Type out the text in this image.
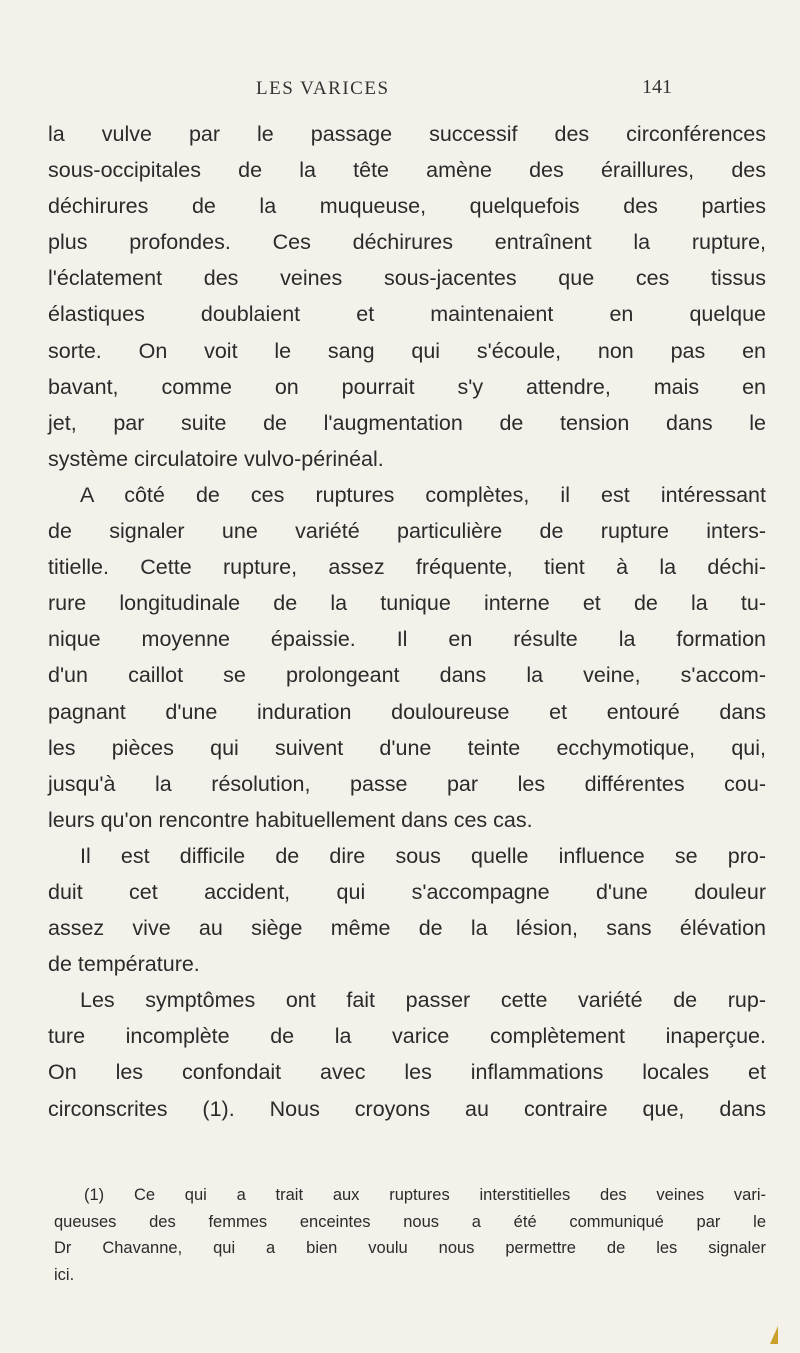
LES VARICES	141
la vulve par le passage successif des circonférences
sous-occipitales de la tête amène des éraillures, des
déchirures de la muqueuse, quelquefois des parties
plus profondes. Ces déchirures entraînent la rupture,
l'éclatement des veines sous-jacentes que ces tissus
élastiques doublaient et maintenaient en quelque
sorte. On voit le sang qui s'écoule, non pas en
bavant, comme on pourrait s'y attendre, mais en
jet, par suite de l'augmentation de tension dans le
système circulatoire vulvo-périnéal.
A côté de ces ruptures complètes, il est intéressant
de signaler une variété particulière de rupture inters-
titielle. Cette rupture, assez fréquente, tient à la déchi-
rure longitudinale de la tunique interne et de la tu-
nique moyenne épaissie. Il en résulte la formation
d'un caillot se prolongeant dans la veine, s'accom-
pagnant d'une induration douloureuse et entouré dans
les pièces qui suivent d'une teinte ecchymotique, qui,
jusqu'à la résolution, passe par les différentes cou-
leurs qu'on rencontre habituellement dans ces cas.
Il est difficile de dire sous quelle influence se pro-
duit cet accident, qui s'accompagne d'une douleur
assez vive au siège même de la lésion, sans élévation
de température.
Les symptômes ont fait passer cette variété de rup-
ture incomplète de la varice complètement inaperçue.
On les confondait avec les inflammations locales et
circonscrites (1). Nous croyons au contraire que, dans
(1) Ce qui a trait aux ruptures interstitielles des veines vari-
queuses des femmes enceintes nous a été communiqué par le
Dr Chavanne, qui a bien voulu nous permettre de les signaler
ici.
